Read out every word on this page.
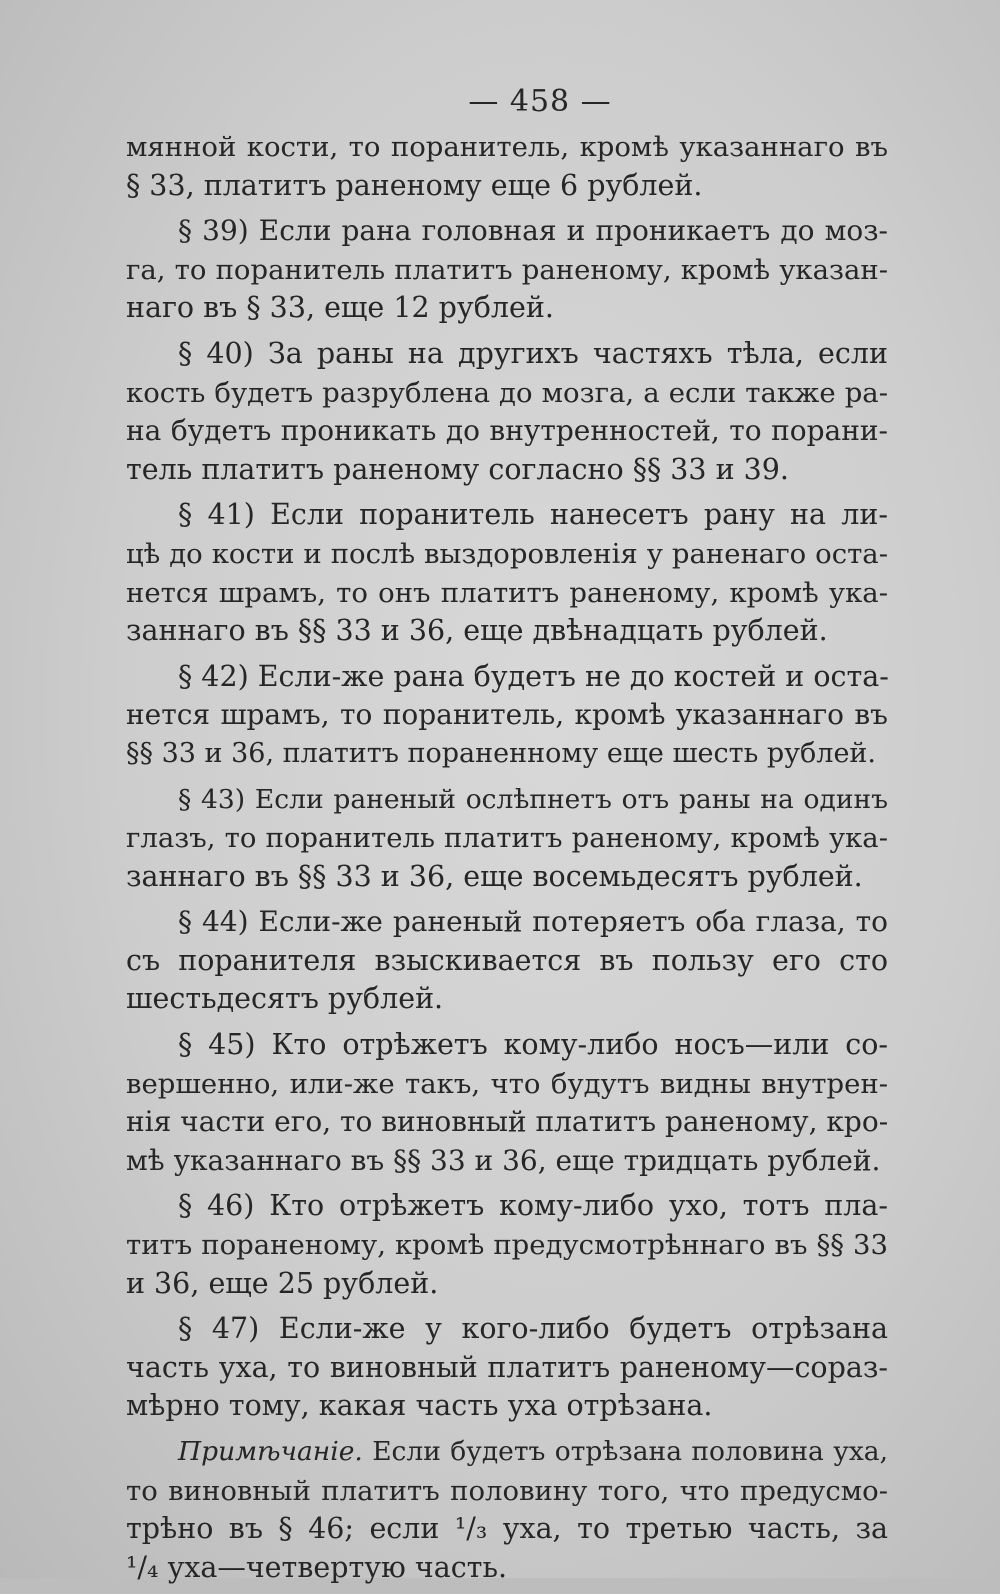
— 458 —
мянной кости, то поранитель, кромѣ указаннаго въ
§ 33, платитъ раненому еще 6 рублей.
§ 39) Если рана головная и проникаетъ до моз-
га, то поранитель платитъ раненому, кромѣ указан-
наго въ § 33, еще 12 рублей.
§ 40) За раны на другихъ частяхъ тѣла, если
кость будетъ разрублена до мозга, а если также ра-
на будетъ проникать до внутренностей, то порани-
тель платитъ раненому согласно §§ 33 и 39.
§ 41) Если поранитель нанесетъ рану на ли-
цѣ до кости и послѣ выздоровленія у раненаго оста-
нется шрамъ, то онъ платитъ раненому, кромѣ ука-
заннаго въ §§ 33 и 36, еще двѣнадцать рублей.
§ 42) Если-же рана будетъ не до костей и оста-
нется шрамъ, то поранитель, кромѣ указаннаго въ
§§ 33 и 36, платитъ пораненному еще шесть рублей.
§ 43) Если раненый ослѣпнетъ отъ раны на одинъ
глазъ, то поранитель платитъ раненому, кромѣ ука-
заннаго въ §§ 33 и 36, еще восемьдесятъ рублей.
§ 44) Если-же раненый потеряетъ оба глаза, то
съ поранителя взыскивается въ пользу его сто
шестьдесятъ рублей.
§ 45) Кто отрѣжетъ кому-либо носъ—или со-
вершенно, или-же такъ, что будутъ видны внутрен-
нія части его, то виновный платитъ раненому, кро-
мѣ указаннаго въ §§ 33 и 36, еще тридцать рублей.
§ 46) Кто отрѣжетъ кому-либо ухо, тотъ пла-
титъ пораненому, кромѣ предусмотрѣннаго въ §§ 33
и 36, еще 25 рублей.
§ 47) Если-же у кого-либо будетъ отрѣзана
часть уха, то виновный платитъ раненому—сораз-
мѣрно тому, какая часть уха отрѣзана.
Примѣчаніе. Если будетъ отрѣзана половина уха,
то виновный платитъ половину того, что предусмо-
трѣно въ § 46; если ¹/₃ уха, то третью часть, за
¹/₄ уха—четвертую часть.
